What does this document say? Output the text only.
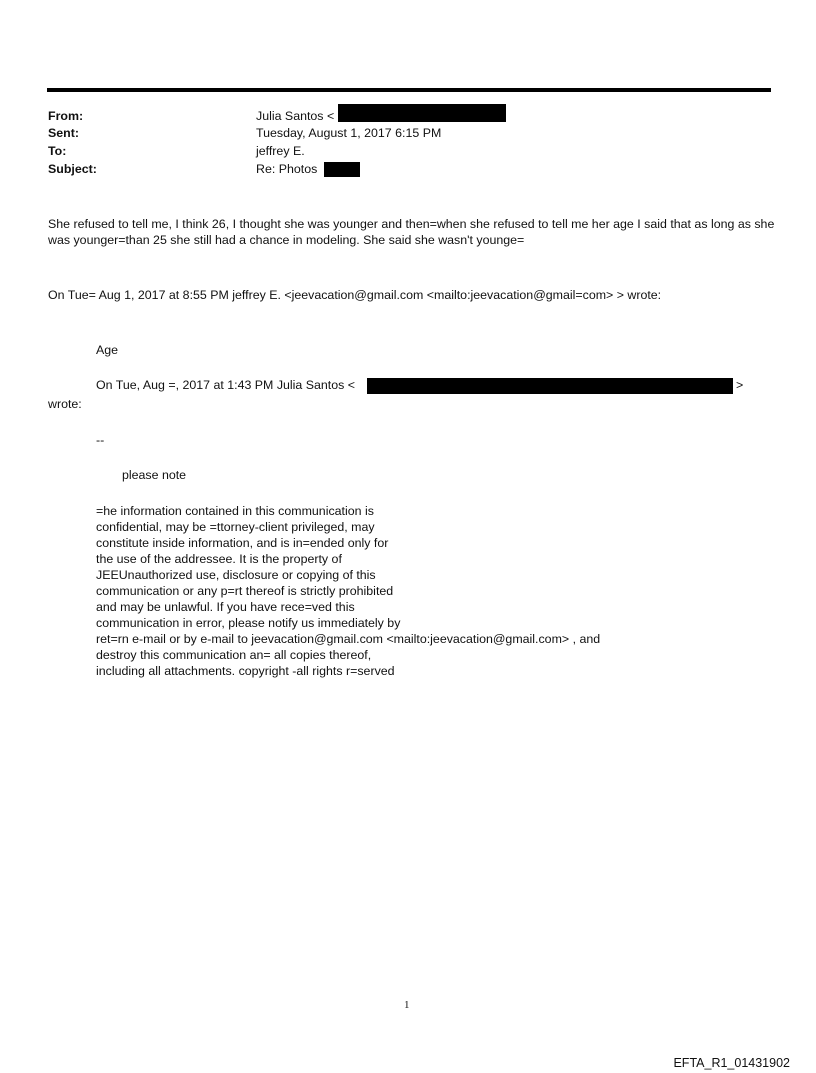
From:	Julia Santos <
Sent:	Tuesday, August 1, 2017 6:15 PM
To:	jeffrey E.
Subject:	Re: Photos
She refused to tell me, I think 26, I thought she was younger and then=when she refused to tell me her age I said that as long as she was younger=than 25 she still had a chance in modeling. She said she wasn't younge=
On Tue= Aug 1, 2017 at 8:55 PM jeffrey E. <jeevacation@gmail.com <mailto:jeevacation@gmail=com> > wrote:
Age
On Tue, Aug =, 2017 at 1:43 PM Julia Santos <	>
wrote:
--
please note
=he information contained in this communication is
confidential, may be =ttorney-client privileged, may
constitute inside information, and is in=ended only for
the use of the addressee. It is the property of
JEEUnauthorized use, disclosure or copying of this
communication or any p=rt thereof is strictly prohibited
and may be unlawful. If you have rece=ved this
communication in error, please notify us immediately by
ret=rn e-mail or by e-mail to jeevacation@gmail.com <mailto:jeevacation@gmail.com> , and
destroy this communication an= all copies thereof,
including all attachments. copyright -all rights r=served
1
EFTA_R1_01431902
